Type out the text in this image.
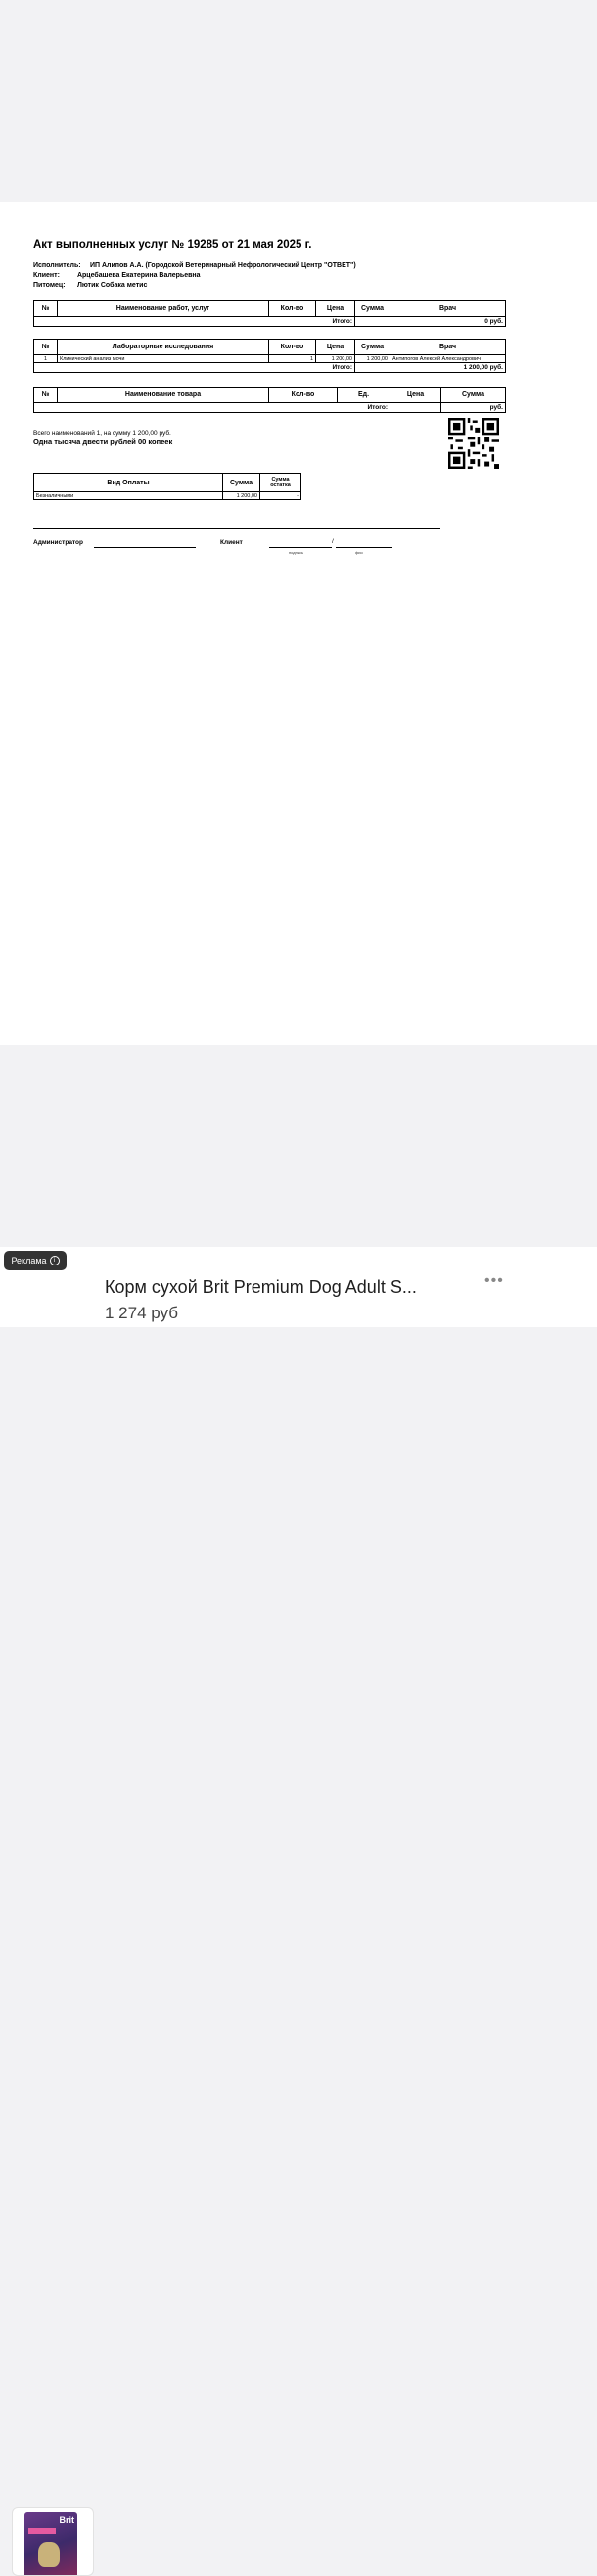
Акт выполненных услуг № 19285 от 21 мая 2025 г.
Исполнитель: ИП Алипов А.А. (Городской Ветеринарный Нефрологический Центр "ОТВЕТ")
Клиент:	Арцебашева Екатерина Валерьевна
Питомец: Лютик Собака метис
№	Наименование работ, услуг	Кол-во	Цена	Сумма	Врач
Итого:				0 руб.	
№	Лабораторные исследования	Кол-во	Цена	Сумма	Врач
1	Клинический анализ мочи	1	1 200,00	1 200,00	Антипогов Алексей Александрович
Итого:				1 200,00 руб.	
№	Наименование товара	Кол-во	Ед.	Цена	Сумма
Итого:					руб.
Всего наименований 1, на сумму 1 200,00 руб.
Одна тысяча двести рублей 00 копеек
Вид Оплаты	Сумма	Сумма остатка
Безналичными	1 200,00	-
Администратор	Клиент	/
подпись	фио
Brit
Корм сухой Brit Premium Dog Adult S...
1 274 руб
•••
Реклама	i
